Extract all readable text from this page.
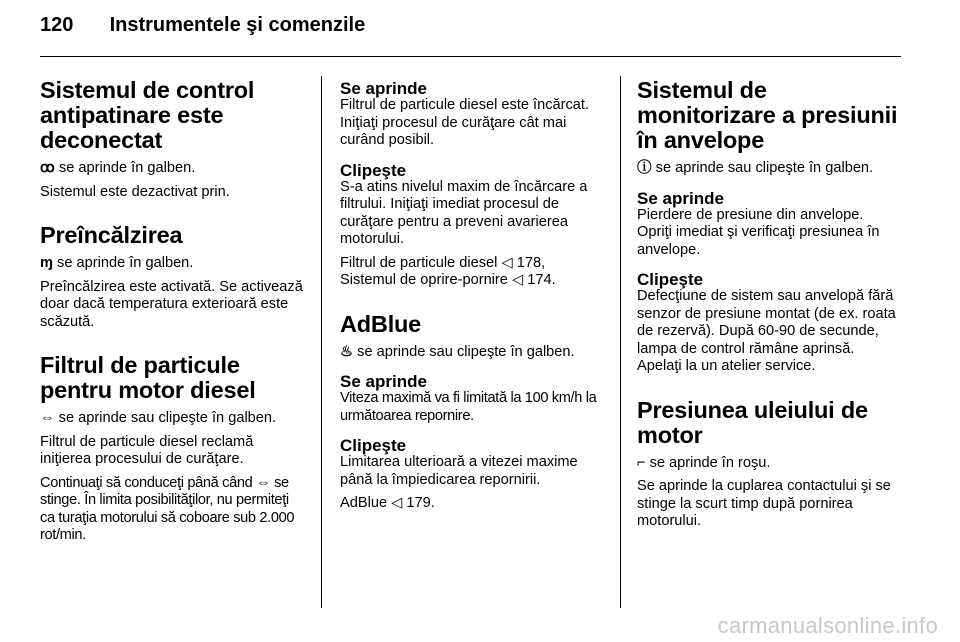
120 Instrumentele şi comenzile
Sistemul de control antipatinare este deconectat

ꝏ se aprinde în galben.

Sistemul este dezactivat prin.

Preîncălzirea

ɱ se aprinde în galben.

Preîncălzirea este activată. Se activează doar dacă temperatura exterioară este scăzută.

Filtrul de particule pentru motor diesel

⇔ se aprinde sau clipeşte în galben.

Filtrul de particule diesel reclamă iniţierea procesului de curăţare.

Continuaţi să conduceţi până când ⇔ se stinge. În limita posibilităţilor, nu permiteţi ca turaţia motorului să coboare sub 2.000 rot/min.

Se aprinde

Filtrul de particule diesel este încărcat. Iniţiaţi procesul de curăţare cât mai curând posibil.

Clipeşte

S-a atins nivelul maxim de încărcare a filtrului. Iniţiaţi imediat procesul de curăţare pentru a preveni avarierea motorului.

Filtrul de particule diesel ◁ 178,
Sistemul de oprire-pornire ◁ 174.

AdBlue

♨ se aprinde sau clipeşte în galben.

Se aprinde

Viteza maximă va fi limitată la 100 km/h la următoarea repornire.

Clipeşte

Limitarea ulterioară a vitezei maxime până la împiedicarea repornirii.

AdBlue ◁ 179.

Sistemul de monitorizare a presiunii în anvelope

ⓘ se aprinde sau clipeşte în galben.

Se aprinde

Pierdere de presiune din anvelope. Opriţi imediat şi verificaţi presiunea în anvelope.

Clipeşte

Defecţiune de sistem sau anvelopă fără senzor de presiune montat (de ex. roata de rezervă). După 60-90 de secunde, lampa de control rămâne aprinsă. Apelaţi la un atelier service.

Presiunea uleiului de motor

⌐ se aprinde în roşu.

Se aprinde la cuplarea contactului şi se stinge la scurt timp după pornirea motorului.

carmanualsonline.info
